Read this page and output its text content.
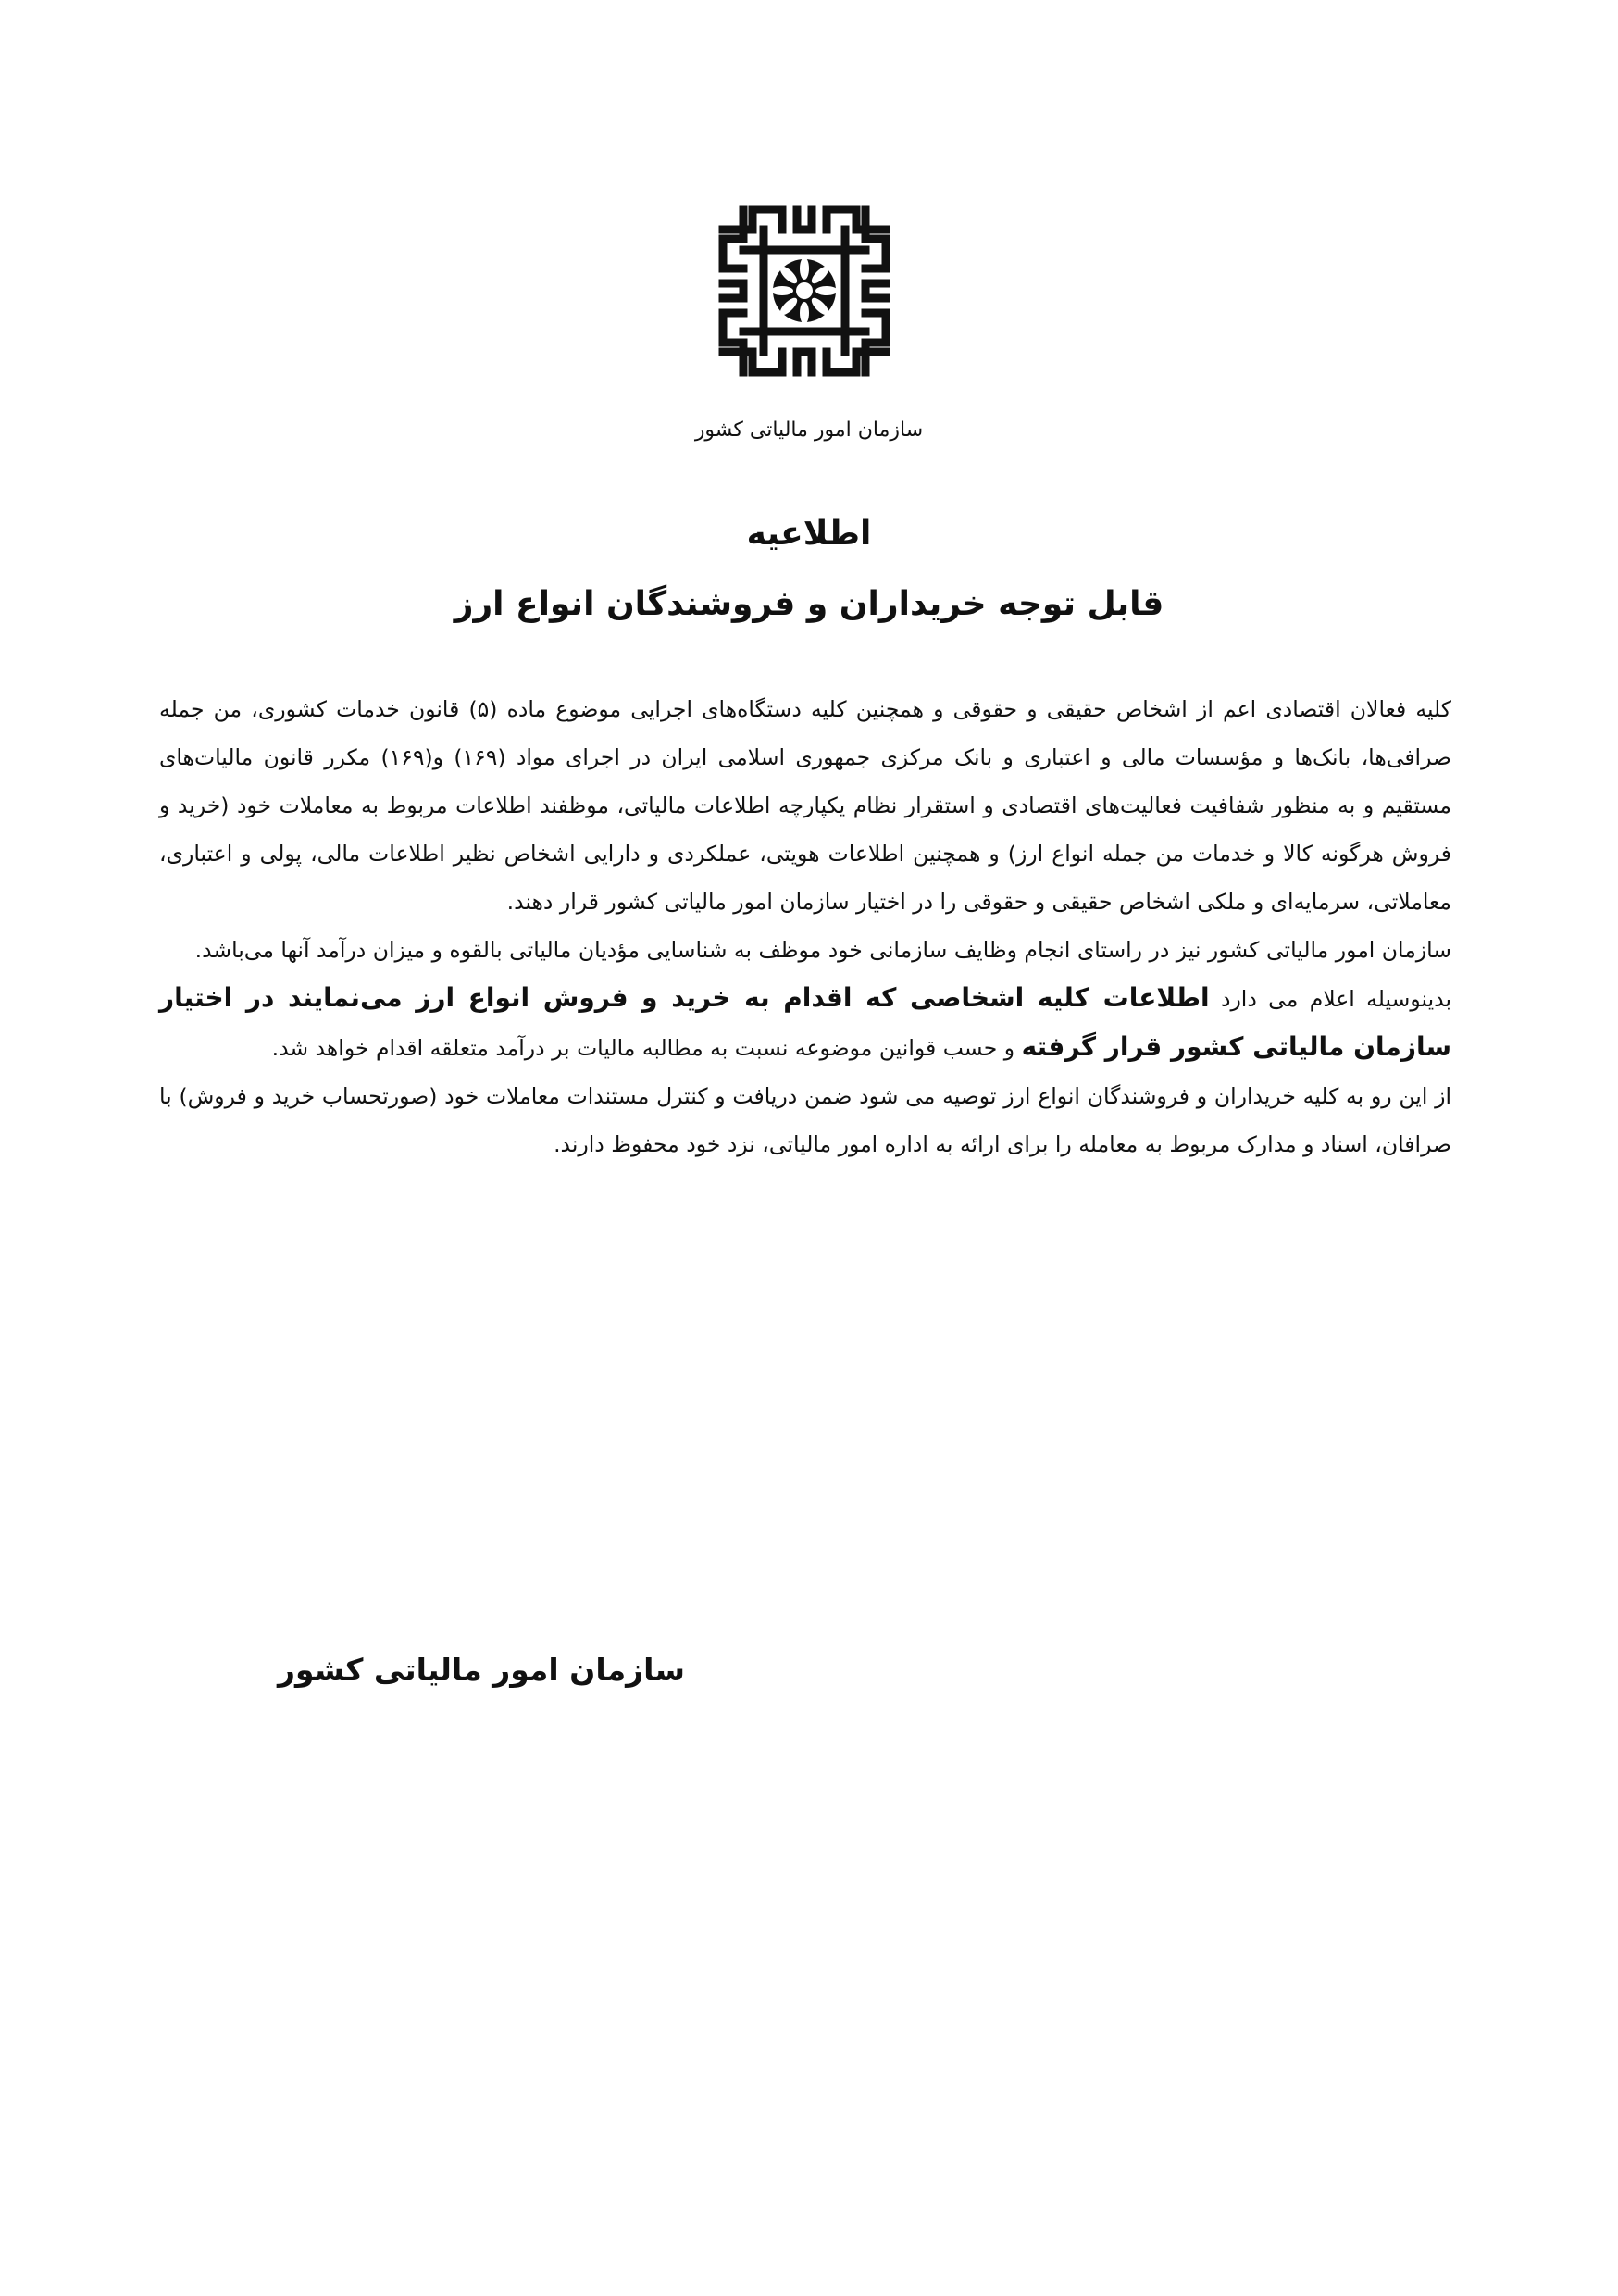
سازمان امور مالیاتی کشور
اطلاعیه
قابل توجه خریداران و فروشندگان انواع ارز

کلیه فعالان اقتصادی اعم از اشخاص حقیقی و حقوقی و همچنین کلیه دستگاه‌های اجرایی موضوع ماده (۵) قانون خدمات کشوری، من جمله صرافی‌ها، بانک‌ها و مؤسسات مالی و اعتباری و بانک مرکزی جمهوری اسلامی ایران در اجرای مواد (۱۶۹) و(۱۶۹) مکرر قانون مالیات‌های مستقیم و به منظور شفافیت فعالیت‌های اقتصادی و استقرار نظام یکپارچه اطلاعات مالیاتی، موظفند اطلاعات مربوط به معاملات خود (خرید و فروش هرگونه کالا و خدمات من جمله انواع ارز) و همچنین اطلاعات هویتی، عملکردی و دارایی اشخاص نظیر اطلاعات مالی، پولی و اعتباری، معاملاتی، سرمایه‌ای و ملکی اشخاص حقیقی و حقوقی را در اختیار سازمان امور مالیاتی کشور قرار دهند.

سازمان امور مالیاتی کشور نیز در راستای انجام وظایف سازمانی خود موظف به شناسایی مؤدیان مالیاتی بالقوه و میزان درآمد آنها می‌باشد.

بدینوسیله اعلام می دارد اطلاعات کلیه اشخاصی که اقدام به خرید و فروش انواع ارز می‌نمایند در اختیار سازمان مالیاتی کشور قرار گرفته و حسب قوانین موضوعه نسبت به مطالبه مالیات بر درآمد متعلقه اقدام خواهد شد.

از این رو به کلیه خریداران و فروشندگان انواع ارز توصیه می شود ضمن دریافت و کنترل مستندات معاملات خود (صورتحساب خرید و فروش) با صرافان، اسناد و مدارک مربوط به معامله را برای ارائه به اداره امور مالیاتی، نزد خود محفوظ دارند.

سازمان امور مالیاتی کشور
